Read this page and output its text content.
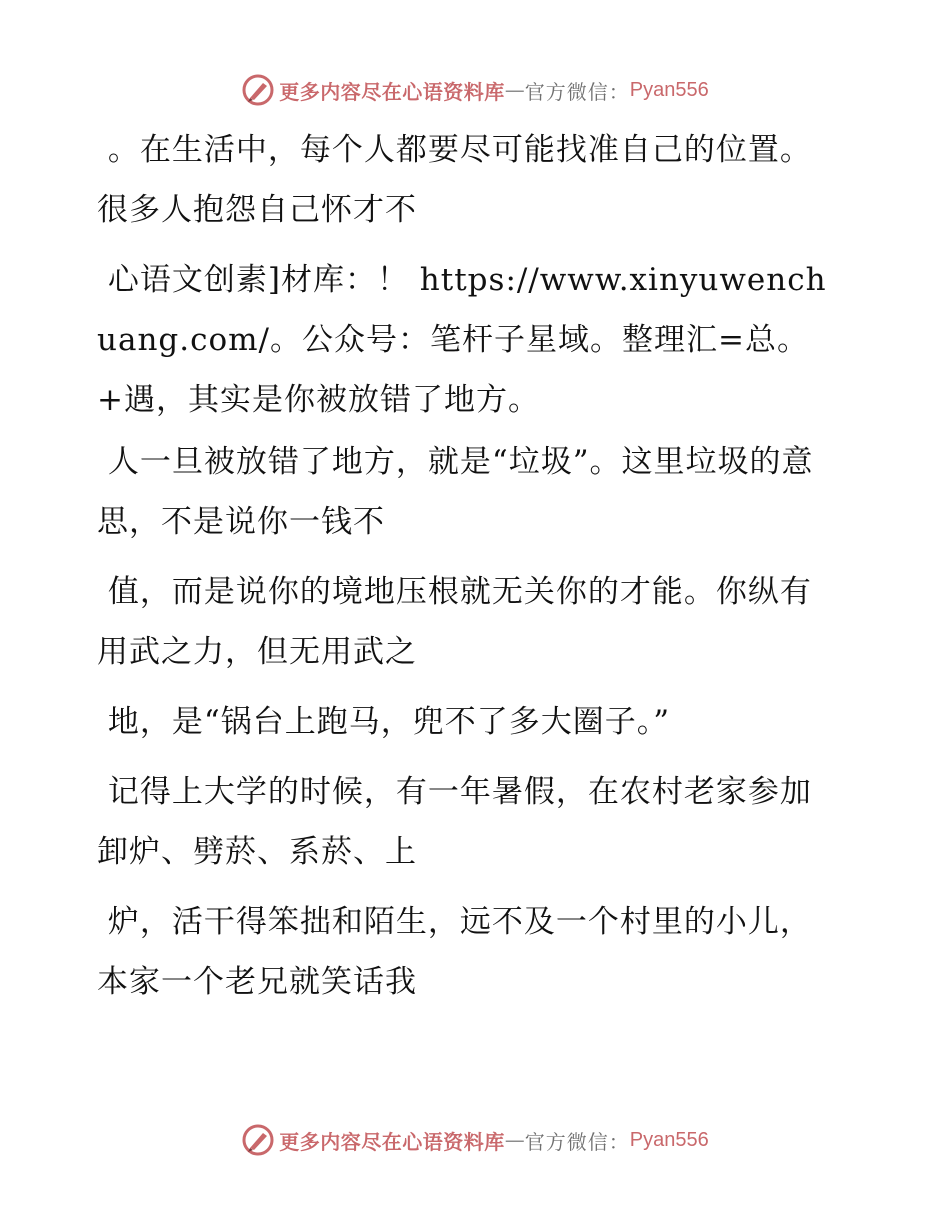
更多内容尽在心语资料库 — 官方微信： Pyan556

。在生活中，每个人都要尽可能找准自己的位置。很多人抱怨自己怀才不

心语文创素]材库：！ https://www.xinyuwenchuang.com/。公众号：笔杆子星域。整理汇=总。+遇，其实是你被放错了地方。

人一旦被放错了地方，就是“垃圾”。这里垃圾的意思，不是说你一钱不

值，而是说你的境地压根就无关你的才能。你纵有用武之力，但无用武之

地，是“锅台上跑马，兜不了多大圈子。”

记得上大学的时候，有一年暑假，在农村老家参加卸炉、劈菸、系菸、上

炉，活干得笨拙和陌生，远不及一个村里的小儿，本家一个老兄就笑话我

更多内容尽在心语资料库 — 官方微信： Pyan556
